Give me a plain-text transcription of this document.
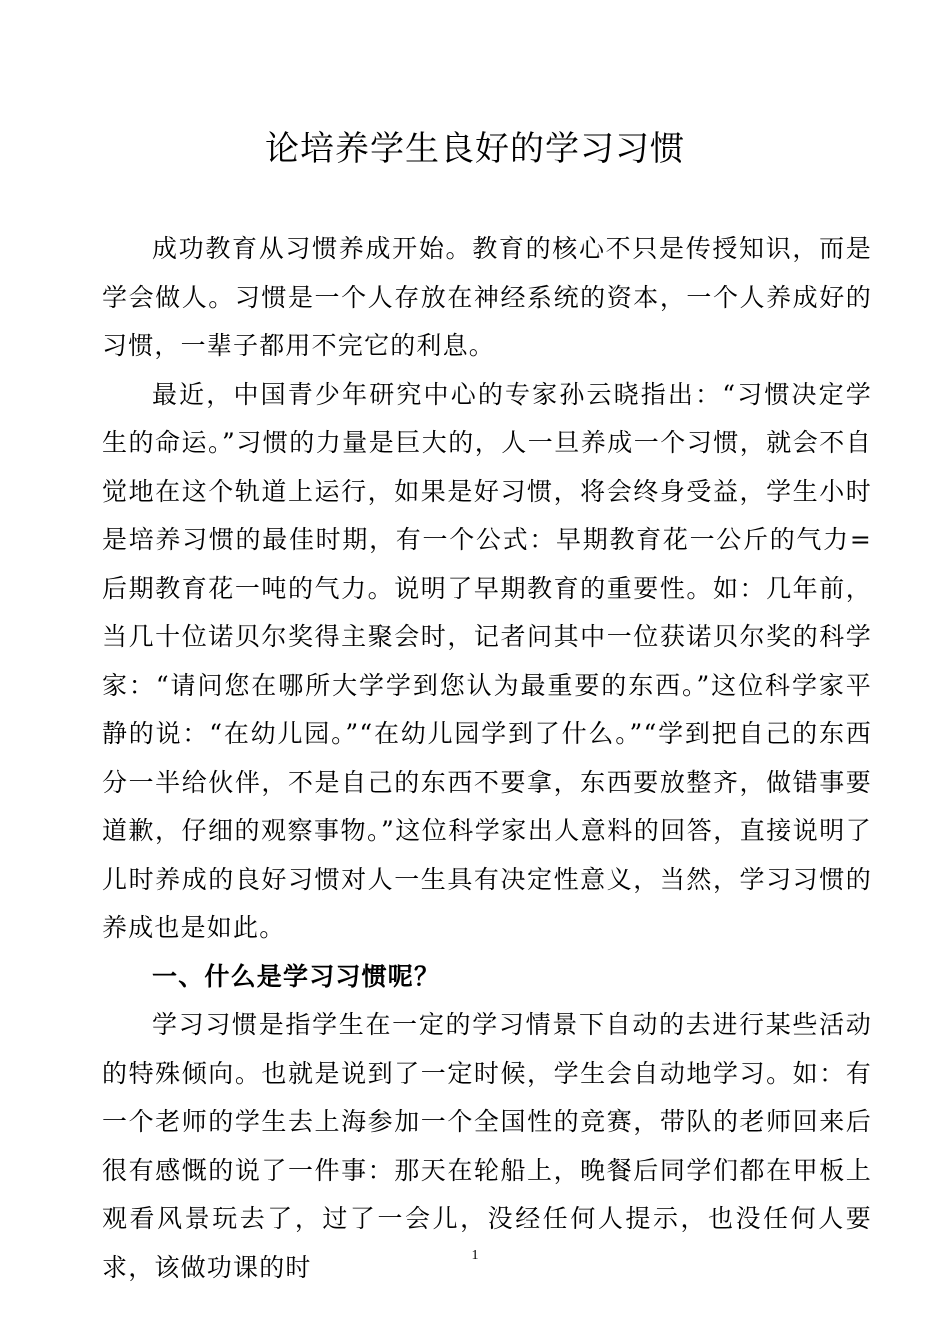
论培养学生良好的学习习惯

成功教育从习惯养成开始。教育的核心不只是传授知识，而是学会做人。习惯是一个人存放在神经系统的资本，一个人养成好的习惯，一辈子都用不完它的利息。

最近，中国青少年研究中心的专家孙云晓指出：“习惯决定学生的命运。”习惯的力量是巨大的，人一旦养成一个习惯，就会不自觉地在这个轨道上运行，如果是好习惯，将会终身受益，学生小时是培养习惯的最佳时期，有一个公式：早期教育花一公斤的气力=后期教育花一吨的气力。说明了早期教育的重要性。如：几年前，当几十位诺贝尔奖得主聚会时，记者问其中一位获诺贝尔奖的科学家：“请问您在哪所大学学到您认为最重要的东西。”这位科学家平静的说：“在幼儿园。”“在幼儿园学到了什么。”“学到把自己的东西分一半给伙伴，不是自己的东西不要拿，东西要放整齐，做错事要道歉，仔细的观察事物。”这位科学家出人意料的回答，直接说明了儿时养成的良好习惯对人一生具有决定性意义，当然，学习习惯的养成也是如此。

一、什么是学习习惯呢？

学习习惯是指学生在一定的学习情景下自动的去进行某些活动的特殊倾向。也就是说到了一定时候，学生会自动地学习。如：有一个老师的学生去上海参加一个全国性的竞赛，带队的老师回来后很有感慨的说了一件事：那天在轮船上，晚餐后同学们都在甲板上观看风景玩去了，过了一会儿，没经任何人提示，也没任何人要求，该做功课的时	1
